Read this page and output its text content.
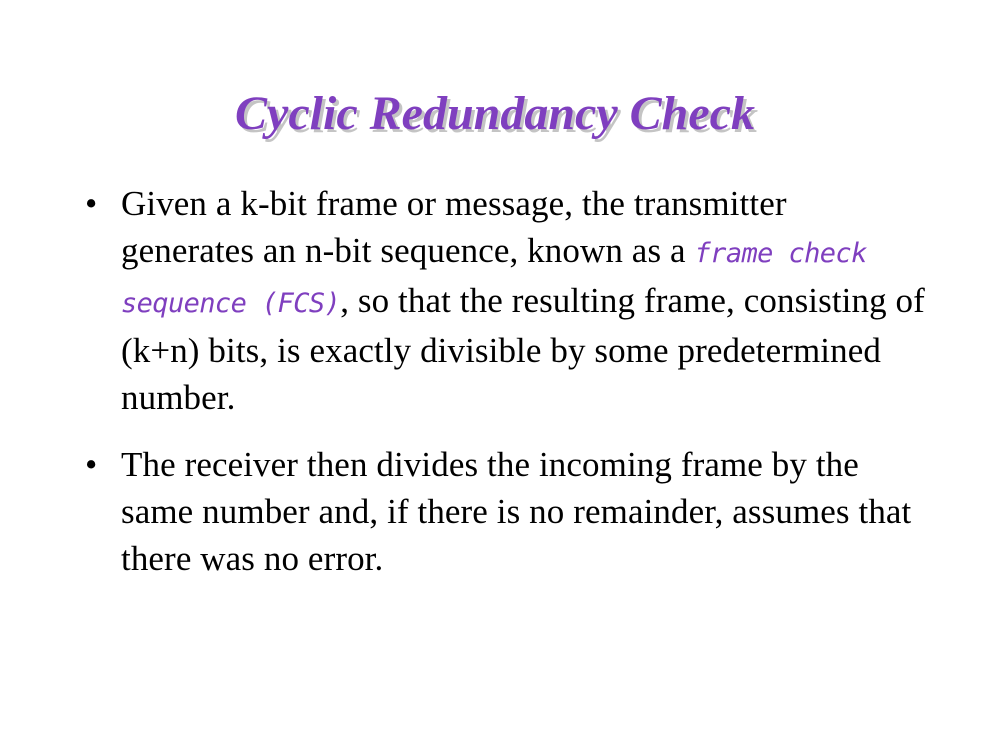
Cyclic Redundancy Check
• Given a k-bit frame or message, the transmitter generates an n-bit sequence, known as a frame check sequence (FCS), so that the resulting frame, consisting of (k+n) bits, is exactly divisible by some predetermined number.
• The receiver then divides the incoming frame by the same number and, if there is no remainder, assumes that there was no error.
